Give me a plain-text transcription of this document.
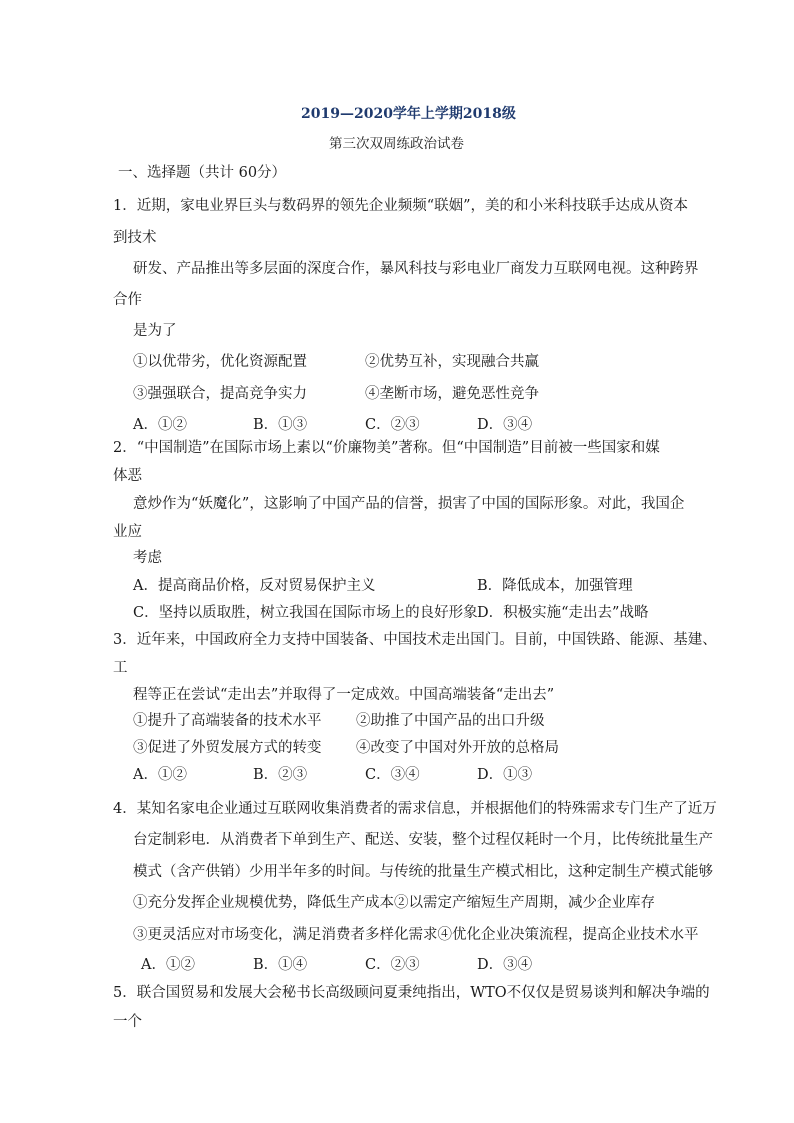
2019—2020学年上学期2018级
第三次双周练政治试卷
一、选择题（共计 60分）
1．近期，家电业界巨头与数码界的领先企业频频“联姻”，美的和小米科技联手达成从资本
到技术
研发、产品推出等多层面的深度合作，暴风科技与彩电业厂商发力互联网电视。这种跨界
合作
是为了
①以优带劣，优化资源配置	②优势互补，实现融合共赢
③强强联合，提高竞争实力	④垄断市场，避免恶性竞争
A．①②	B．①③	C．②③	D．③④
2．“中国制造”在国际市场上素以“价廉物美”著称。但“中国制造”目前被一些国家和媒
体恶
意炒作为“妖魔化”，这影响了中国产品的信誉，损害了中国的国际形象。对此，我国企
业应
考虑
A．提高商品价格，反对贸易保护主义	B．降低成本，加强管理
C．坚持以质取胜，树立我国在国际市场上的良好形象 D．积极实施“走出去”战略
3．近年来，中国政府全力支持中国装备、中国技术走出国门。目前，中国铁路、能源、基建、
工
程等正在尝试“走出去”并取得了一定成效。中国高端装备“走出去”
①提升了高端装备的技术水平 ②助推了中国产品的出口升级
③促进了外贸发展方式的转变 ④改变了中国对外开放的总格局
A．①②	B．②③	C．③④	D．①③
4．某知名家电企业通过互联网收集消费者的需求信息，并根据他们的特殊需求专门生产了近万
台定制彩电．从消费者下单到生产、配送、安装，整个过程仅耗时一个月，比传统批量生产
模式（含产供销）少用半年多的时间。与传统的批量生产模式相比，这种定制生产模式能够
①充分发挥企业规模优势，降低生产成本②以需定产缩短生产周期，减少企业库存
③更灵活应对市场变化，满足消费者多样化需求④优化企业决策流程，提高企业技术水平
A．①②	B．①④	C．②③	D．③④
5．联合国贸易和发展大会秘书长高级顾问夏秉纯指出，WTO不仅仅是贸易谈判和解决争端的
一个
